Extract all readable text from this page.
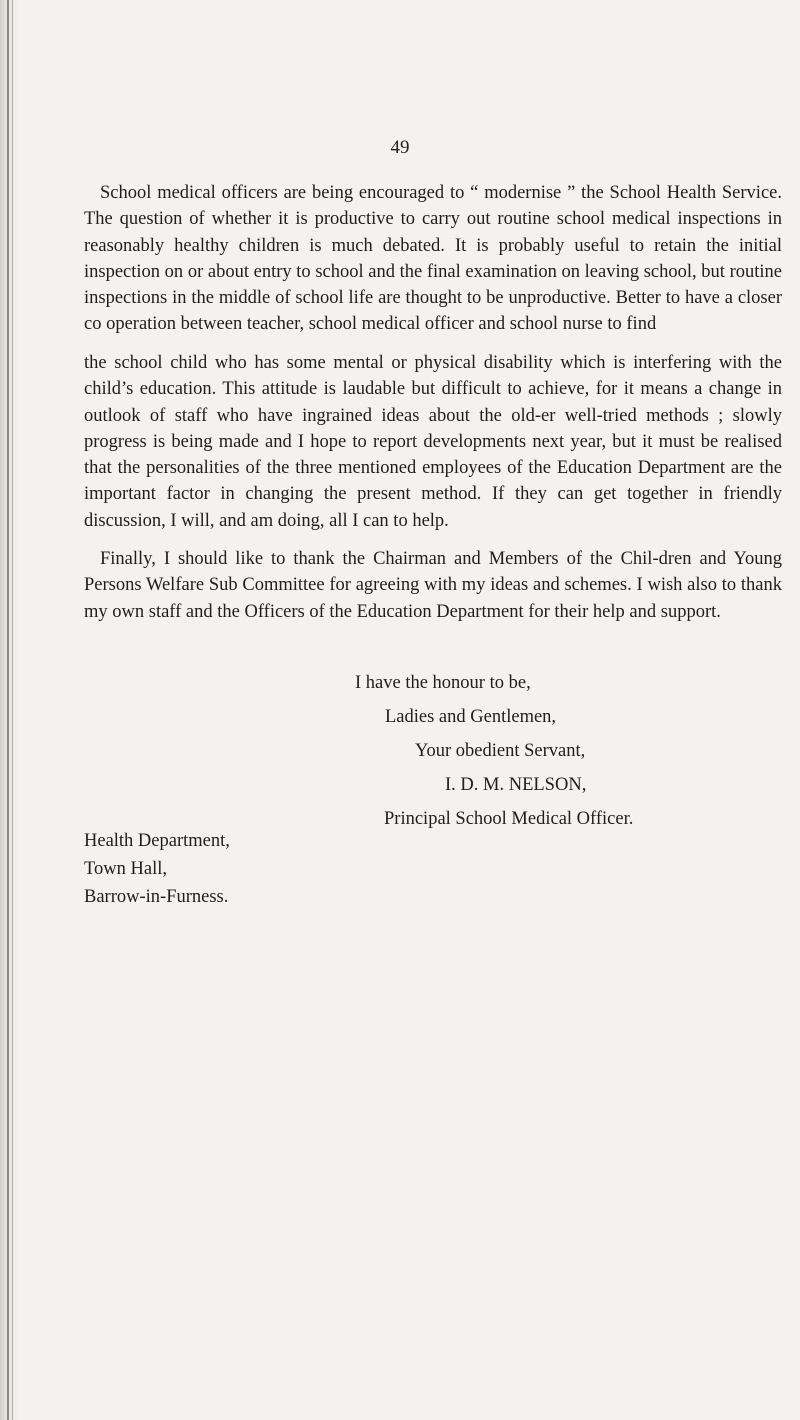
49

School medical officers are being encouraged to “ modernise ” the School Health Service. The question of whether it is productive to carry out routine school medical inspections in reasonably healthy children is much debated. It is probably useful to retain the initial inspection on or about entry to school and the final examination on leaving school, but routine inspections in the middle of school life are thought to be unproductive. Better to have a closer co operation between teacher, school medical officer and school nurse to find

the school child who has some mental or physical disability which is interfering with the child’s education. This attitude is laudable but difficult to achieve, for it means a change in outlook of staff who have ingrained ideas about the old-er well-tried methods ; slowly progress is being made and I hope to report developments next year, but it must be realised that the personalities of the three mentioned employees of the Education Department are the important factor in changing the present method. If they can get together in friendly discussion, I will, and am doing, all I can to help.

Finally, I should like to thank the Chairman and Members of the Chil-dren and Young Persons Welfare Sub Committee for agreeing with my ideas and schemes. I wish also to thank my own staff and the Officers of the Education Department for their help and support.

I have the honour to be,
Ladies and Gentlemen,
Your obedient Servant,
I. D. M. NELSON,
Principal School Medical Officer.
Health Department,
Town Hall,
Barrow-in-Furness.
